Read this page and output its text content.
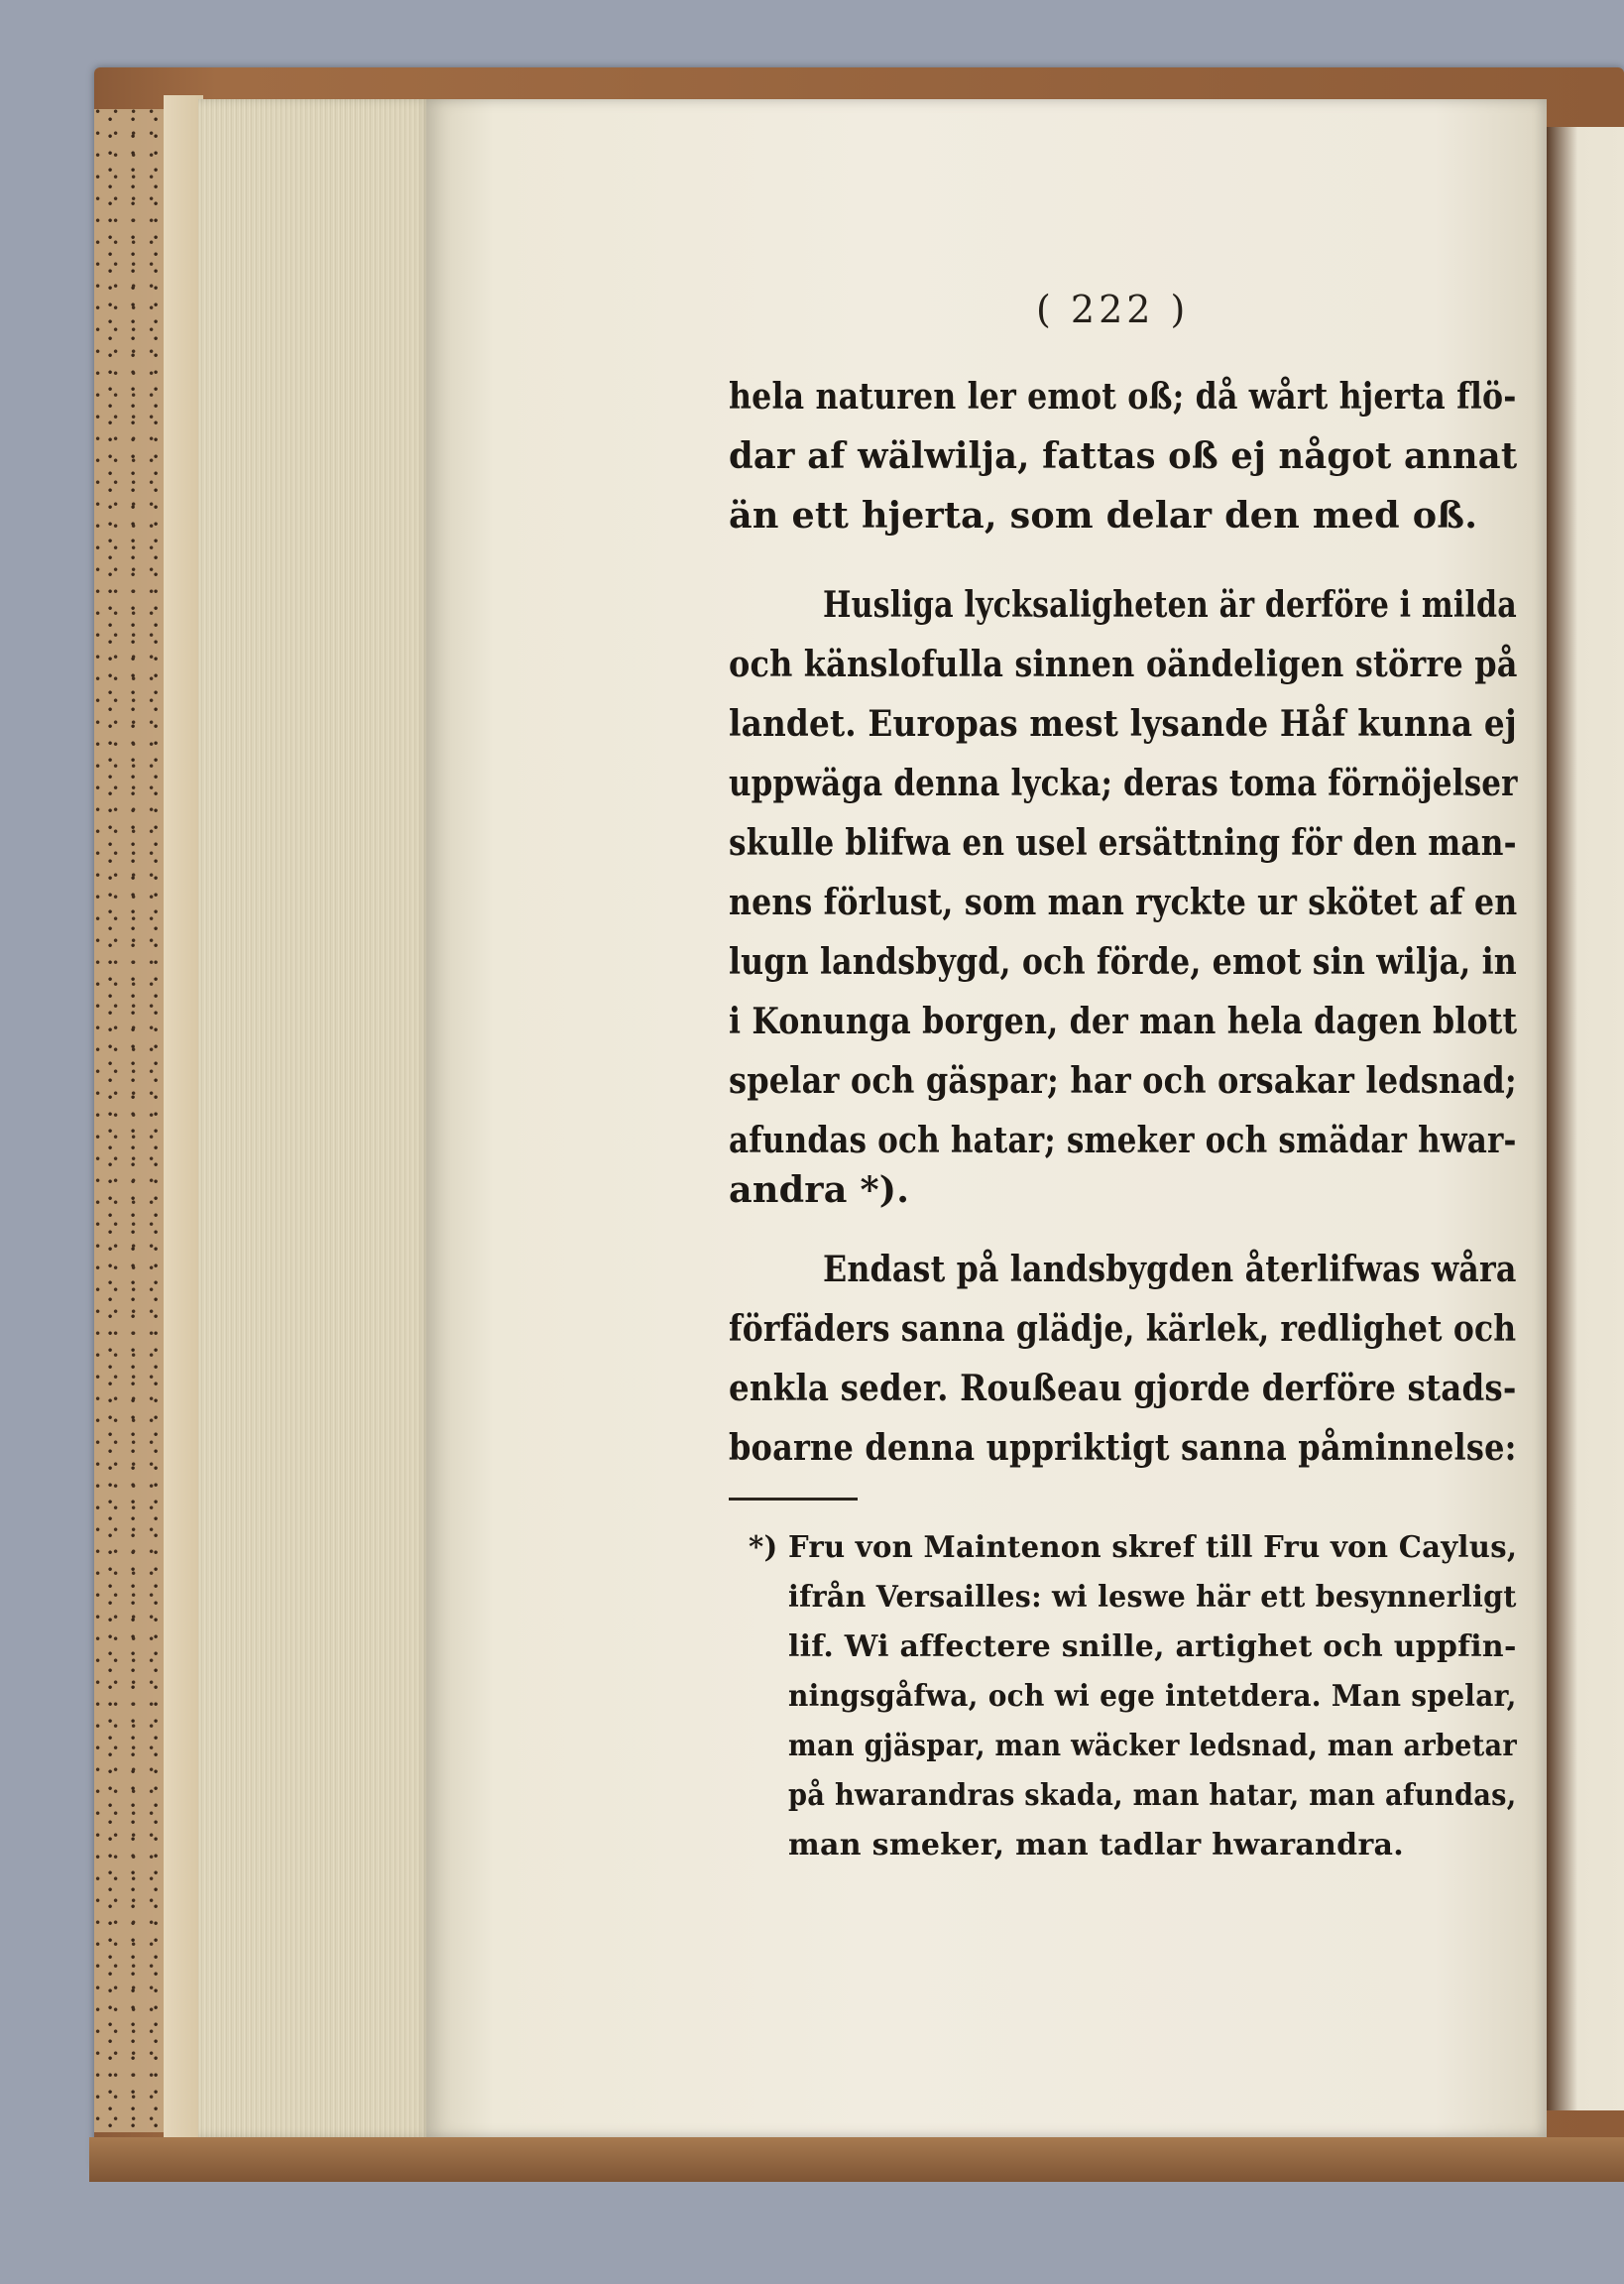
( 222 )
hela naturen ler emot oß; då wårt hjerta flö-
dar af wälwilja, fattas oß ej något annat
än ett hjerta, som delar den med oß.
Husliga lycksaligheten är derföre i milda
och känslofulla sinnen oändeligen större på
landet. Europas mest lysande Håf kunna ej
uppwäga denna lycka; deras toma förnöjelser
skulle blifwa en usel ersättning för den man-
nens förlust, som man ryckte ur skötet af en
lugn landsbygd, och förde, emot sin wilja, in
i Konunga borgen, der man hela dagen blott
spelar och gäspar; har och orsakar ledsnad;
afundas och hatar; smeker och smädar hwar-
andra *).
Endast på landsbygden återlifwas wåra
förfäders sanna glädje, kärlek, redlighet och
enkla seder. Roußeau gjorde derföre stads-
boarne denna uppriktigt sanna påminnelse:
*) Fru von Maintenon skref till Fru von Caylus,
ifrån Versailles: wi leswe här ett besynnerligt
lif. Wi affectere snille, artighet och uppfin-
ningsgåfwa, och wi ege intetdera. Man spelar,
man gjäspar, man wäcker ledsnad, man arbetar
på hwarandras skada, man hatar, man afundas,
man smeker, man tadlar hwarandra.
